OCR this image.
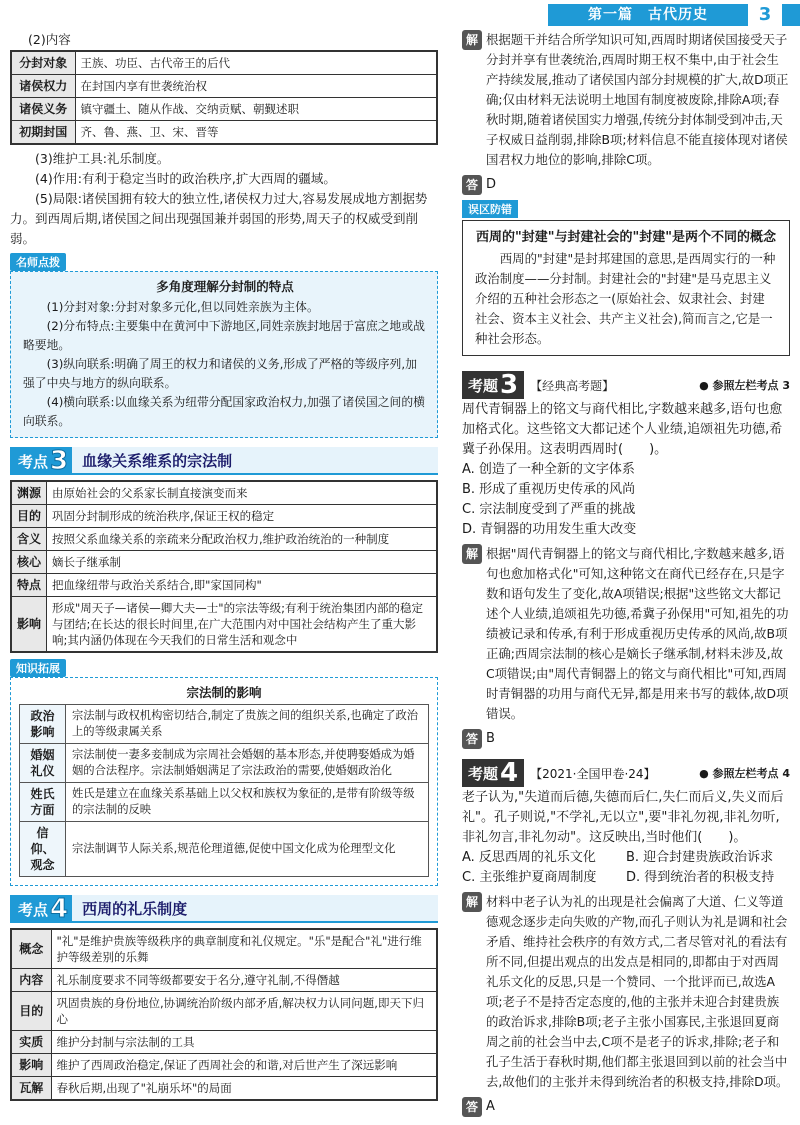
第一篇　古代历史	3
(2)内容
分封对象	王族、功臣、古代帝王的后代
诸侯权力	在封国内享有世袭统治权
诸侯义务	镇守疆土、随从作战、交纳贡赋、朝觐述职
初期封国	齐、鲁、燕、卫、宋、晋等
(3)维护工具:礼乐制度。
(4)作用:有利于稳定当时的政治秩序,扩大西周的疆域。
(5)局限:诸侯国拥有较大的独立性,诸侯权力过大,容易发展成地方割据势力。到西周后期,诸侯国之间出现强国兼并弱国的形势,周天子的权威受到削弱。
名师点拨
多角度理解分封制的特点

(1)分封对象:分封对象多元化,但以同姓亲族为主体。

(2)分布特点:主要集中在黄河中下游地区,同姓亲族封地居于富庶之地或战略要地。

(3)纵向联系:明确了周王的权力和诸侯的义务,形成了严格的等级序列,加强了中央与地方的纵向联系。

(4)横向联系:以血缘关系为纽带分配国家政治权力,加强了诸侯国之间的横向联系。

考点 3 血缘关系维系的宗法制
渊源	由原始社会的父系家长制直接演变而来
目的	巩固分封制形成的统治秩序,保证王权的稳定
含义	按照父系血缘关系的亲疏来分配政治权力,维护政治统治的一种制度
核心	嫡长子继承制
特点	把血缘纽带与政治关系结合,即"家国同构"
影响	形成"周天子—诸侯—卿大夫—士"的宗法等级;有利于统治集团内部的稳定与团结;在长达的很长时间里,在广大范围内对中国社会结构产生了重大影响;其内涵仍体现在今天我们的日常生活和观念中
知识拓展
宗法制的影响
政治影响	宗法制与政权机构密切结合,制定了贵族之间的组织关系,也确定了政治上的等级隶属关系
婚姻礼仪	宗法制使一妻多妾制成为宗周社会婚姻的基本形态,并使聘娶婚成为婚姻的合法程序。宗法制婚姻满足了宗法政治的需要,使婚姻政治化
姓氏方面	姓氏是建立在血缘关系基础上以父权和族权为象征的,是带有阶级等级的宗法制的反映
信仰、观念	宗法制调节人际关系,规范伦理道德,促使中国文化成为伦理型文化
考点 4 西周的礼乐制度
概念	"礼"是维护贵族等级秩序的典章制度和礼仪规定。"乐"是配合"礼"进行维护等级差别的乐舞
内容	礼乐制度要求不同等级都要安于名分,遵守礼制,不得僭越
目的	巩固贵族的身份地位,协调统治阶级内部矛盾,解决权力认同问题,即天下归心
实质	维护分封制与宗法制的工具
影响	维护了西周政治稳定,保证了西周社会的和谐,对后世产生了深远影响
瓦解	春秋后期,出现了"礼崩乐坏"的局面
解 根据题干并结合所学知识可知,西周时期诸侯国接受天子分封并享有世袭统治,西周时期王权不集中,由于社会生产持续发展,推动了诸侯国内部分封规模的扩大,故D项正确;仅由材料无法说明土地国有制度被废除,排除A项;春秋时期,随着诸侯国实力增强,传统分封体制受到冲击,天子权威日益削弱,排除B项;材料信息不能直接体现对诸侯国君权力地位的影响,排除C项。
答 D
误区防错
西周的"封建"与封建社会的"封建"是两个不同的概念

西周的"封建"是封邦建国的意思,是西周实行的一种政治制度——分封制。封建社会的"封建"是马克思主义介绍的五种社会形态之一(原始社会、奴隶社会、封建社会、资本主义社会、共产主义社会),简而言之,它是一种社会形态。

考题 3 【经典高考题】	● 参照左栏考点 3
周代青铜器上的铭文与商代相比,字数越来越多,语句也愈加格式化。这些铭文大都记述个人业绩,追颂祖先功德,希冀子孙保用。这表明西周时(　　)。
A. 创造了一种全新的文字体系
B. 形成了重视历史传承的风尚
C. 宗法制度受到了严重的挑战
D. 青铜器的功用发生重大改变
解 根据"周代青铜器上的铭文与商代相比,字数越来越多,语句也愈加格式化"可知,这种铭文在商代已经存在,只是字数和语句发生了变化,故A项错误;根据"这些铭文大都记述个人业绩,追颂祖先功德,希冀子孙保用"可知,祖先的功绩被记录和传承,有利于形成重视历史传承的风尚,故B项正确;西周宗法制的核心是嫡长子继承制,材料未涉及,故C项错误;由"周代青铜器上的铭文与商代相比"可知,西周时青铜器的功用与商代无异,都是用来书写的载体,故D项错误。
答 B
考题 4 【2021·全国甲卷·24】	● 参照左栏考点 4
老子认为,"失道而后德,失德而后仁,失仁而后义,失义而后礼"。孔子则说,"不学礼,无以立",要"非礼勿视,非礼勿听,非礼勿言,非礼勿动"。这反映出,当时他们(　　)。
A. 反思西周的礼乐文化	B. 迎合封建贵族政治诉求
C. 主张维护夏商周制度	D. 得到统治者的积极支持
解 材料中老子认为礼的出现是社会偏离了大道、仁义等道德观念逐步走向失败的产物,而孔子则认为礼是调和社会矛盾、维持社会秩序的有效方式,二者尽管对礼的看法有所不同,但提出观点的出发点是相同的,即都由于对西周礼乐文化的反思,只是一个赞同、一个批评而已,故选A项;老子不是持否定态度的,他的主张并未迎合封建贵族的政治诉求,排除B项;老子主张小国寡民,主张退回夏商周之前的社会当中去,C项不是老子的诉求,排除;老子和孔子生活于春秋时期,他们都主张退回到以前的社会当中去,故他们的主张并未得到统治者的积极支持,排除D项。
答 A
